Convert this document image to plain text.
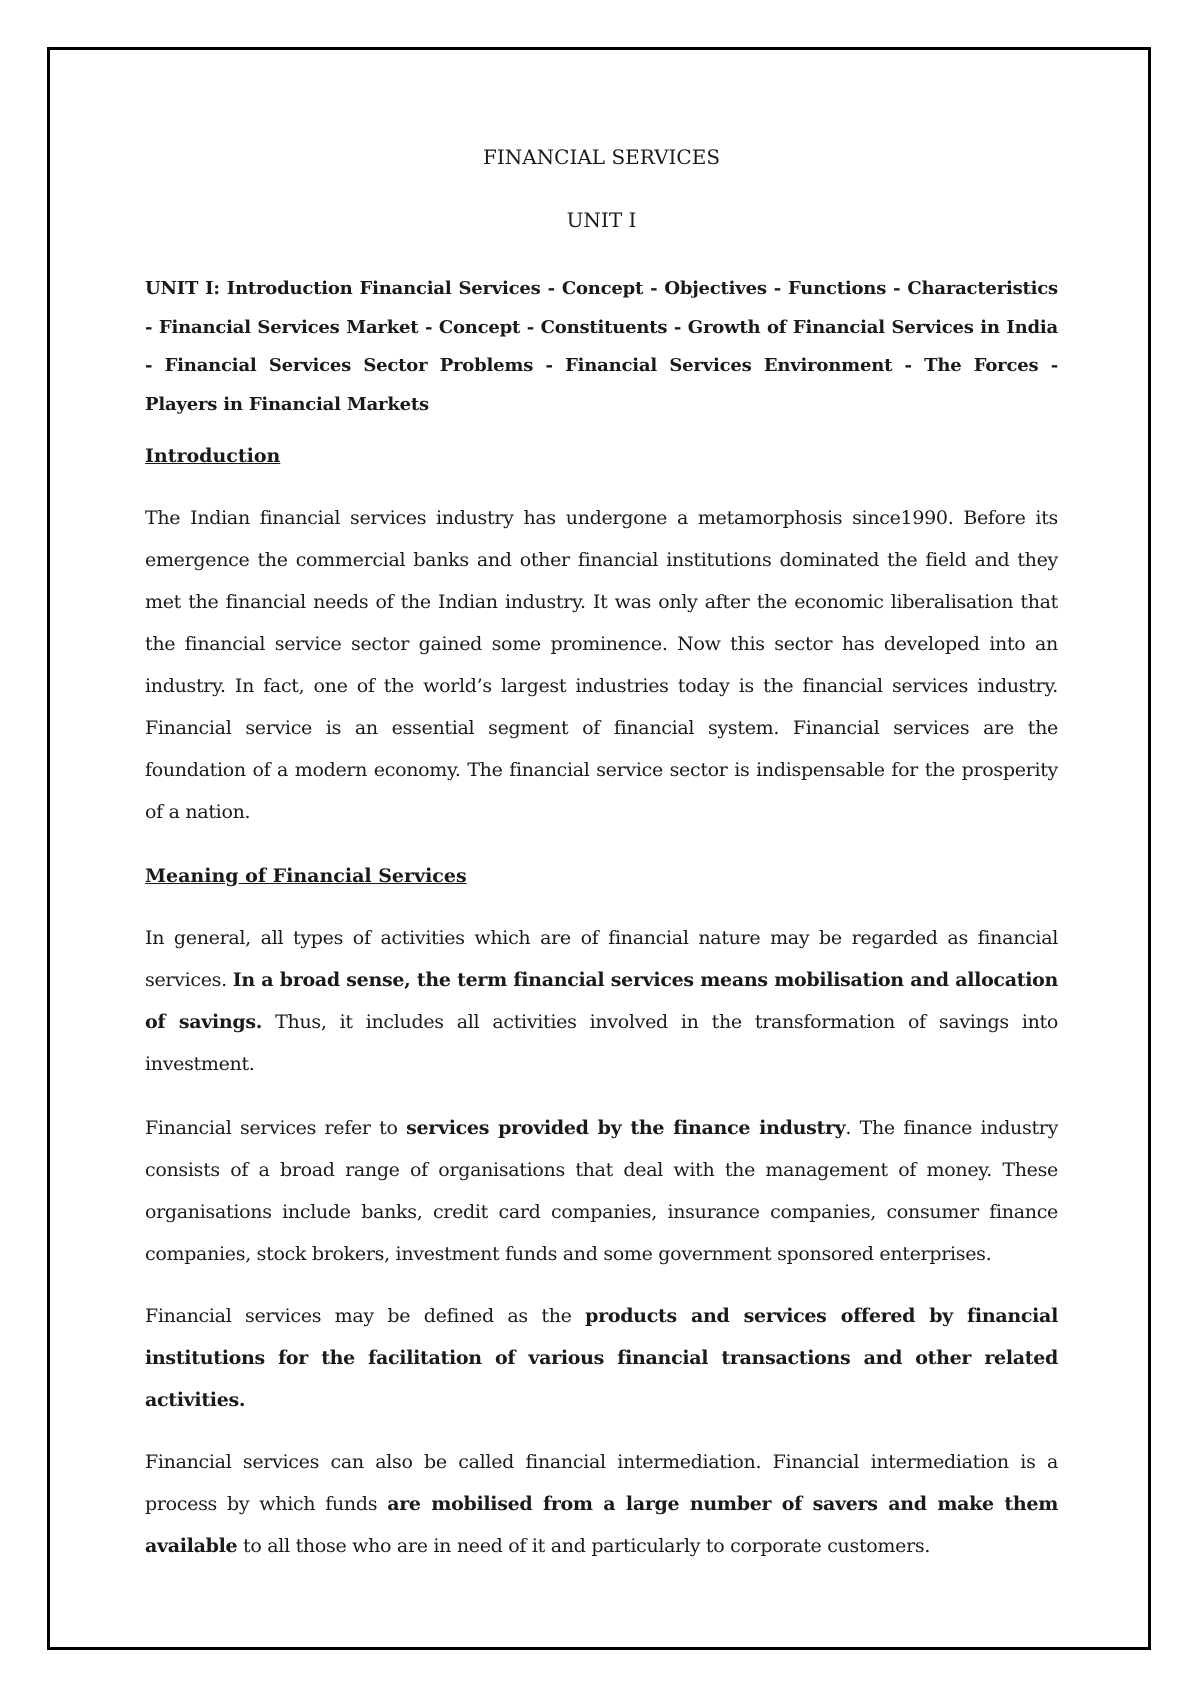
FINANCIAL SERVICES
UNIT I

UNIT I: Introduction Financial Services - Concept - Objectives - Functions - Characteristics - Financial Services Market - Concept - Constituents - Growth of Financial Services in India - Financial Services Sector Problems - Financial Services Environment - The Forces - Players in Financial Markets

Introduction

The Indian financial services industry has undergone a metamorphosis since1990. Before its emergence the commercial banks and other financial institutions dominated the field and they met the financial needs of the Indian industry. It was only after the economic liberalisation that the financial service sector gained some prominence. Now this sector has developed into an industry. In fact, one of the world’s largest industries today is the financial services industry. Financial service is an essential segment of financial system. Financial services are the foundation of a modern economy. The financial service sector is indispensable for the prosperity of a nation.

Meaning of Financial Services

In general, all types of activities which are of financial nature may be regarded as financial services. In a broad sense, the term financial services means mobilisation and allocation of savings. Thus, it includes all activities involved in the transformation of savings into investment.

Financial services refer to services provided by the finance industry. The finance industry consists of a broad range of organisations that deal with the management of money. These organisations include banks, credit card companies, insurance companies, consumer finance companies, stock brokers, investment funds and some government sponsored enterprises.

Financial services may be defined as the products and services offered by financial institutions for the facilitation of various financial transactions and other related activities.

Financial services can also be called financial intermediation. Financial intermediation is a process by which funds are mobilised from a large number of savers and make them available to all those who are in need of it and particularly to corporate customers.
